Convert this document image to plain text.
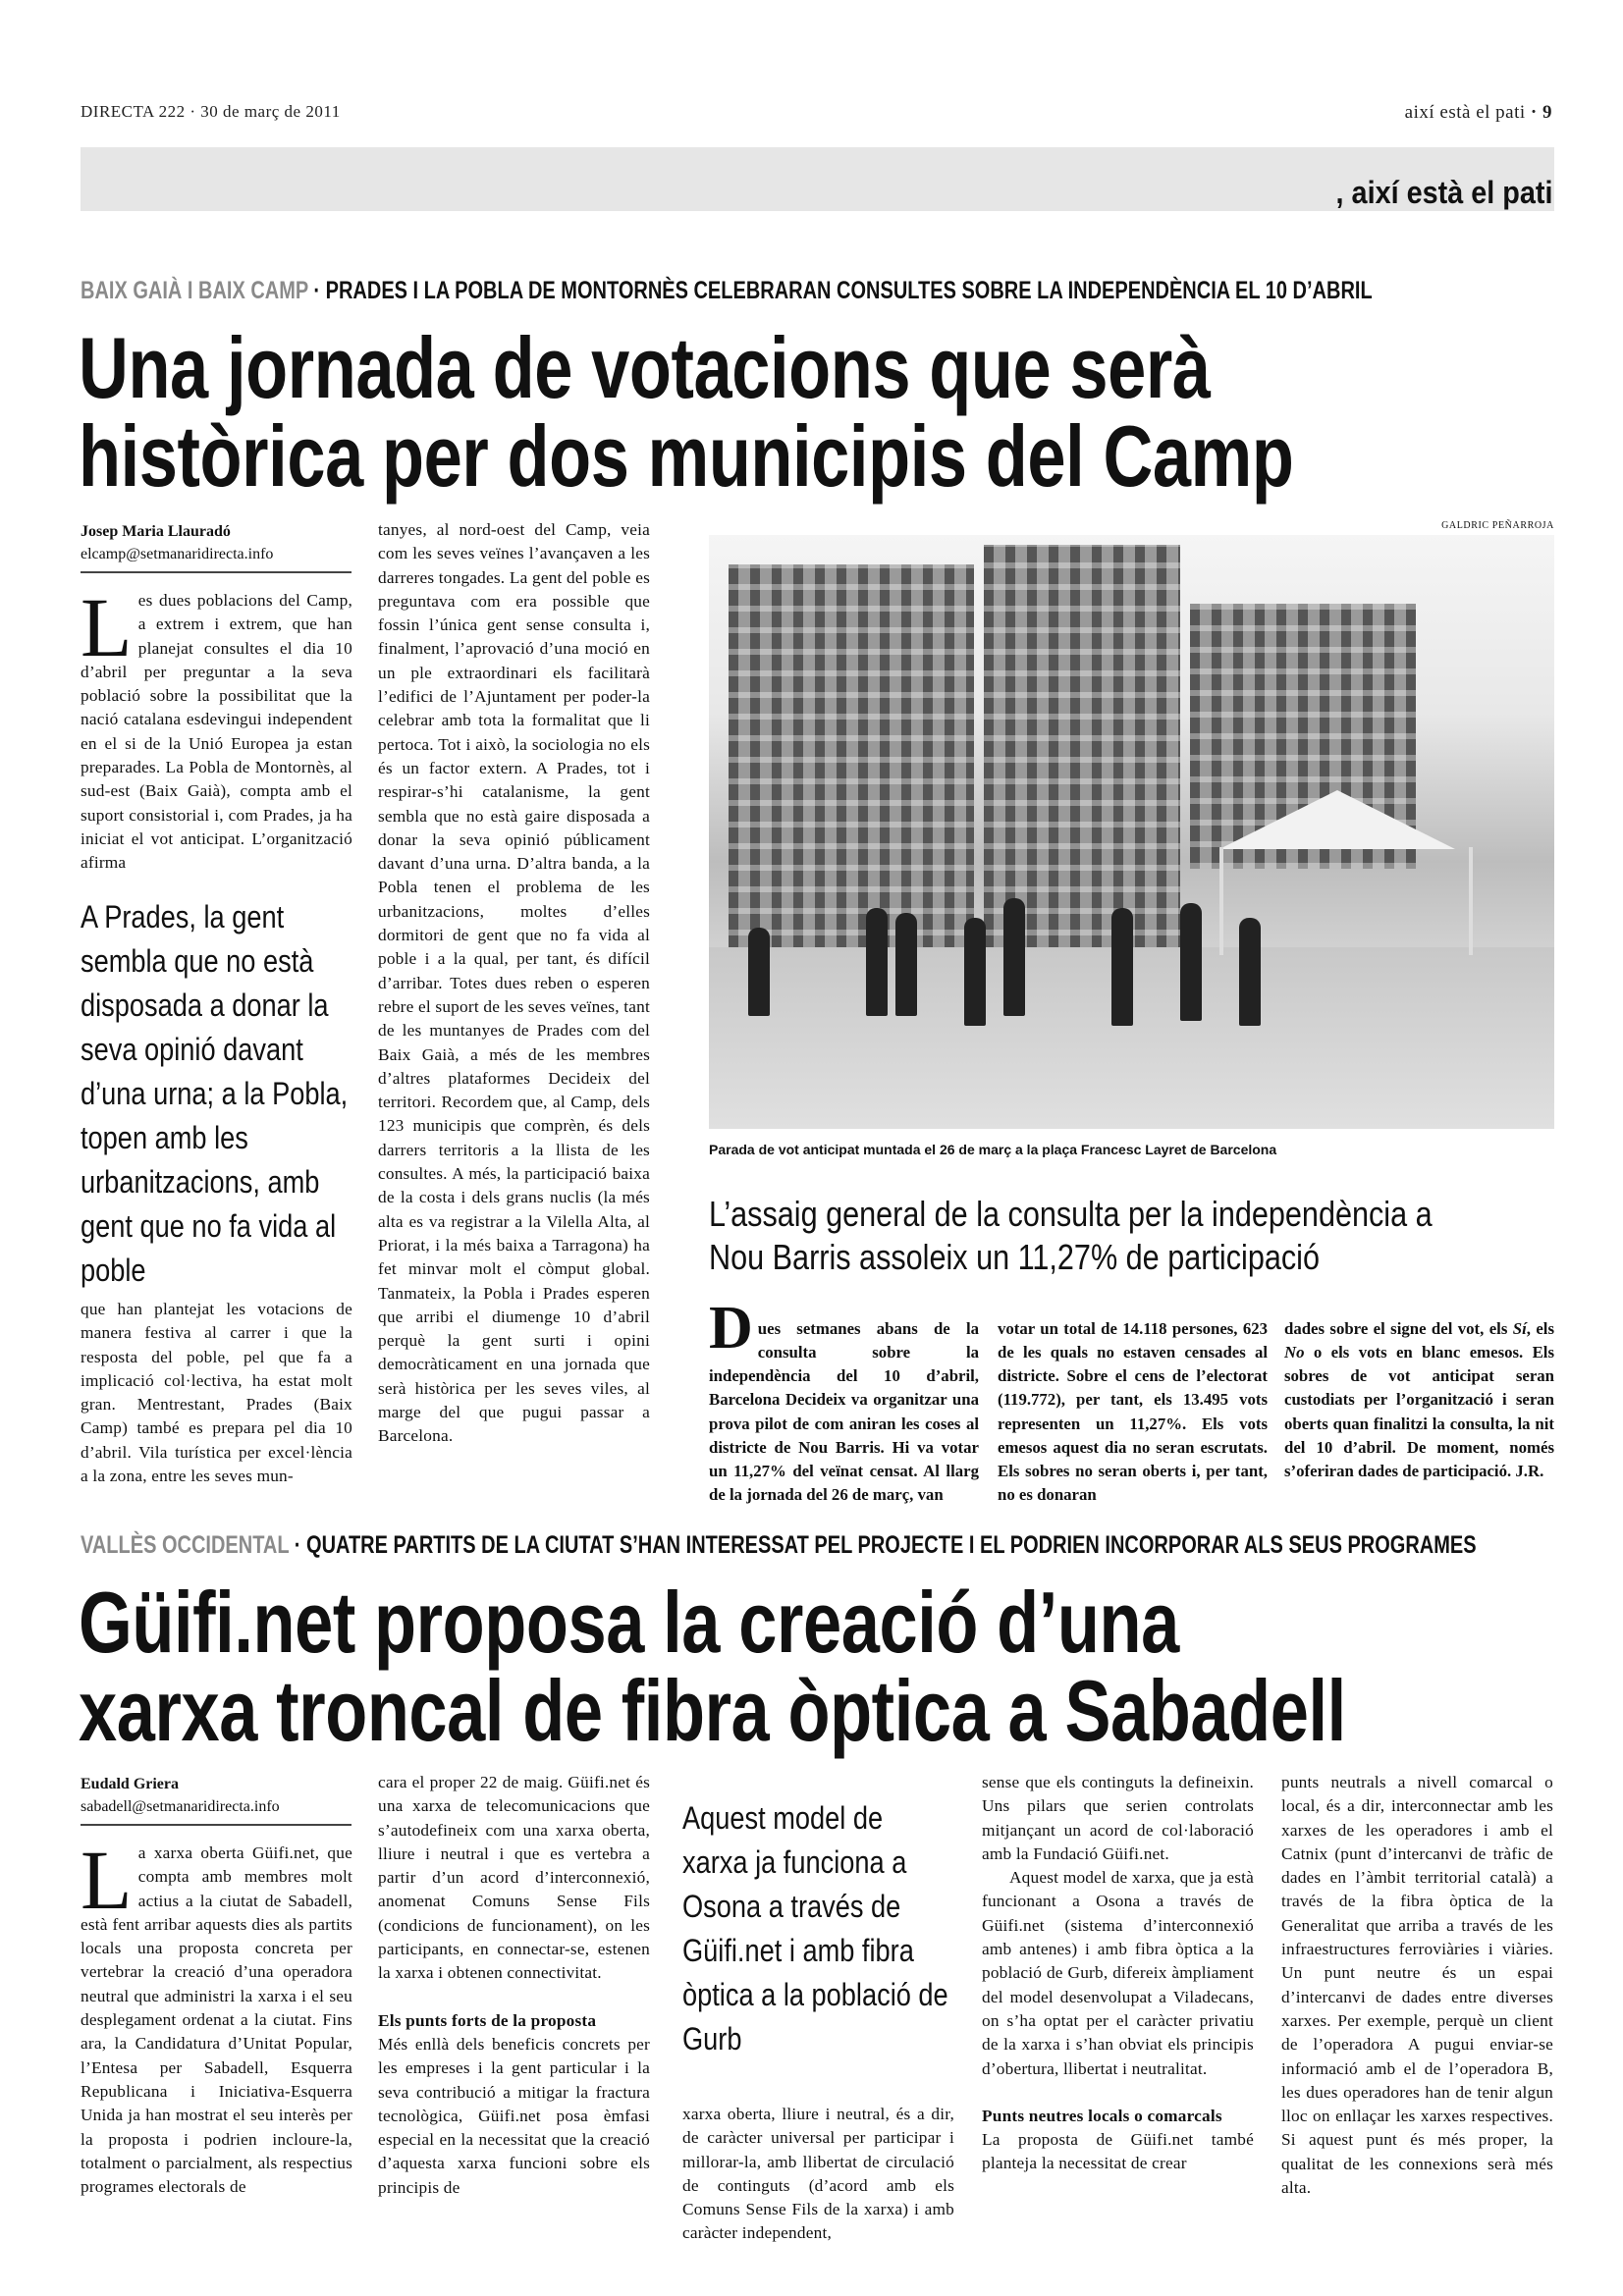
DIRECTA 222 · 30 de març de 2011	així està el pati · 9
, així està el pati
BAIX GAIÀ I BAIX CAMP · PRADES I LA POBLA DE MONTORNÈS CELEBRARAN CONSULTES SOBRE LA INDEPENDÈNCIA EL 10 D’ABRIL
Una jornada de votacions que serà
històrica per dos municipis del Camp
Josep Maria Llauradó
elcamp@setmanaridirecta.info
L es dues poblacions del Camp, a extrem i extrem, que han planejat consultes el dia 10 d’abril per preguntar a la seva població sobre la possibilitat que la nació catalana esdevingui independent en el si de la Unió Europea ja estan preparades. La Pobla de Montornès, al sud-est (Baix Gaià), compta amb el suport consistorial i, com Prades, ja ha iniciat el vot anticipat. L’organització afirma

A Prades, la gent sembla que no està disposada a donar la seva opinió davant d’una urna; a la Pobla, topen amb les urbanitzacions, amb gent que no fa vida al poble

que han plantejat les votacions de manera festiva al carrer i que la resposta del poble, pel que fa a implicació col·lectiva, ha estat molt gran. Mentrestant, Prades (Baix Camp) també es prepara pel dia 10 d’abril. Vila turística per excel·lència a la zona, entre les seves mun-

tanyes, al nord-oest del Camp, veia com les seves veïnes l’avançaven a les darreres tongades. La gent del poble es preguntava com era possible que fossin l’única gent sense consulta i, finalment, l’aprovació d’una moció en un ple extraordinari els facilitarà l’edifici de l’Ajuntament per poder-la celebrar amb tota la formalitat que li pertoca. Tot i això, la sociologia no els és un factor extern. A Prades, tot i respirar-s’hi catalanisme, la gent sembla que no està gaire disposada a donar la seva opinió públicament davant d’una urna. D’altra banda, a la Pobla tenen el problema de les urbanitzacions, moltes d’elles dormitori de gent que no fa vida al poble i a la qual, per tant, és difícil d’arribar. Totes dues reben o esperen rebre el suport de les seves veïnes, tant de les muntanyes de Prades com del Baix Gaià, a més de les membres d’altres plataformes Decideix del territori. Recordem que, al Camp, dels 123 municipis que comprèn, és dels darrers territoris a la llista de les consultes. A més, la participació baixa de la costa i dels grans nuclis (la més alta es va registrar a la Vilella Alta, al Priorat, i la més baixa a Tarragona) ha fet minvar molt el còmput global. Tanmateix, la Pobla i Prades esperen que arribi el diumenge 10 d’abril perquè la gent surti i opini democràticament en una jornada que serà històrica per les seves viles, al marge del que pugui passar a Barcelona.

GALDRIC PEÑARROJA
Parada de vot anticipat muntada el 26 de març a la plaça Francesc Layret de Barcelona
L’assaig general de la consulta per la independència a Nou Barris assoleix un 11,27% de participació
D ues setmanes abans de la consulta sobre la independència del 10 d’abril, Barcelona Decideix va organitzar una prova pilot de com aniran les coses al districte de Nou Barris. Hi va votar un 11,27% del veïnat censat. Al llarg de la jornada del 26 de març, van

votar un total de 14.118 persones, 623 de les quals no estaven censades al districte. Sobre el cens de l’electorat (119.772), per tant, els 13.495 vots representen un 11,27%. Els vots emesos aquest dia no seran escrutats. Els sobres no seran oberts i, per tant, no es donaran

dades sobre el signe del vot, els Sí, els No o els vots en blanc emesos. Els sobres de vot anticipat seran custodiats per l’organització i seran oberts quan finalitzi la consulta, la nit del 10 d’abril. De moment, només s’oferiran dades de participació. J.R.

VALLÈS OCCIDENTAL · QUATRE PARTITS DE LA CIUTAT S’HAN INTERESSAT PEL PROJECTE I EL PODRIEN INCORPORAR ALS SEUS PROGRAMES
Güifi.net proposa la creació d’una
xarxa troncal de fibra òptica a Sabadell
Eudald Griera
sabadell@setmanaridirecta.info
L a xarxa oberta Güifi.net, que compta amb membres molt actius a la ciutat de Sabadell, està fent arribar aquests dies als partits locals una proposta concreta per vertebrar la creació d’una operadora neutral que administri la xarxa i el seu desplegament ordenat a la ciutat. Fins ara, la Candidatura d’Unitat Popular, l’Entesa per Sabadell, Esquerra Republicana i Iniciativa-Esquerra Unida ja han mostrat el seu interès per la proposta i podrien incloure-la, totalment o parcialment, als respectius programes electorals de

cara el proper 22 de maig. Güifi.net és una xarxa de telecomunicacions que s’autodefineix com una xarxa oberta, lliure i neutral i que es vertebra a partir d’un acord d’interconnexió, anomenat Comuns Sense Fils (condicions de funcionament), on les participants, en connectar-se, estenen la xarxa i obtenen connectivitat.

Els punts forts de la proposta

Més enllà dels beneficis concrets per les empreses i la gent particular i la seva contribució a mitigar la fractura tecnològica, Güifi.net posa èmfasi especial en la necessitat que la creació d’aquesta xarxa funcioni sobre els principis de

Aquest model de xarxa ja funciona a Osona a través de Güifi.net i amb fibra òptica a la població de Gurb

xarxa oberta, lliure i neutral, és a dir, de caràcter universal per participar i millorar-la, amb llibertat de circulació de continguts (d’acord amb els Comuns Sense Fils de la xarxa) i amb caràcter independent,

sense que els continguts la defineixin. Uns pilars que serien controlats mitjançant un acord de col·laboració amb la Fundació Güifi.net.

Aquest model de xarxa, que ja està funcionant a Osona a través de Güifi.net (sistema d’interconnexió amb antenes) i amb fibra òptica a la població de Gurb, difereix àmpliament del model desenvolupat a Viladecans, on s’ha optat per el caràcter privatiu de la xarxa i s’han obviat els principis d’obertura, llibertat i neutralitat.

Punts neutres locals o comarcals

La proposta de Güifi.net també planteja la necessitat de crear

punts neutrals a nivell comarcal o local, és a dir, interconnectar amb les xarxes de les operadores i amb el Catnix (punt d’intercanvi de tràfic de dades en l’àmbit territorial català) a través de la fibra òptica de la Generalitat que arriba a través de les infraestructures ferroviàries i viàries. Un punt neutre és un espai d’intercanvi de dades entre diverses xarxes. Per exemple, perquè un client de l’operadora A pugui enviar-se informació amb el de l’operadora B, les dues operadores han de tenir algun lloc on enllaçar les xarxes respectives. Si aquest punt és més proper, la qualitat de les connexions serà més alta.
